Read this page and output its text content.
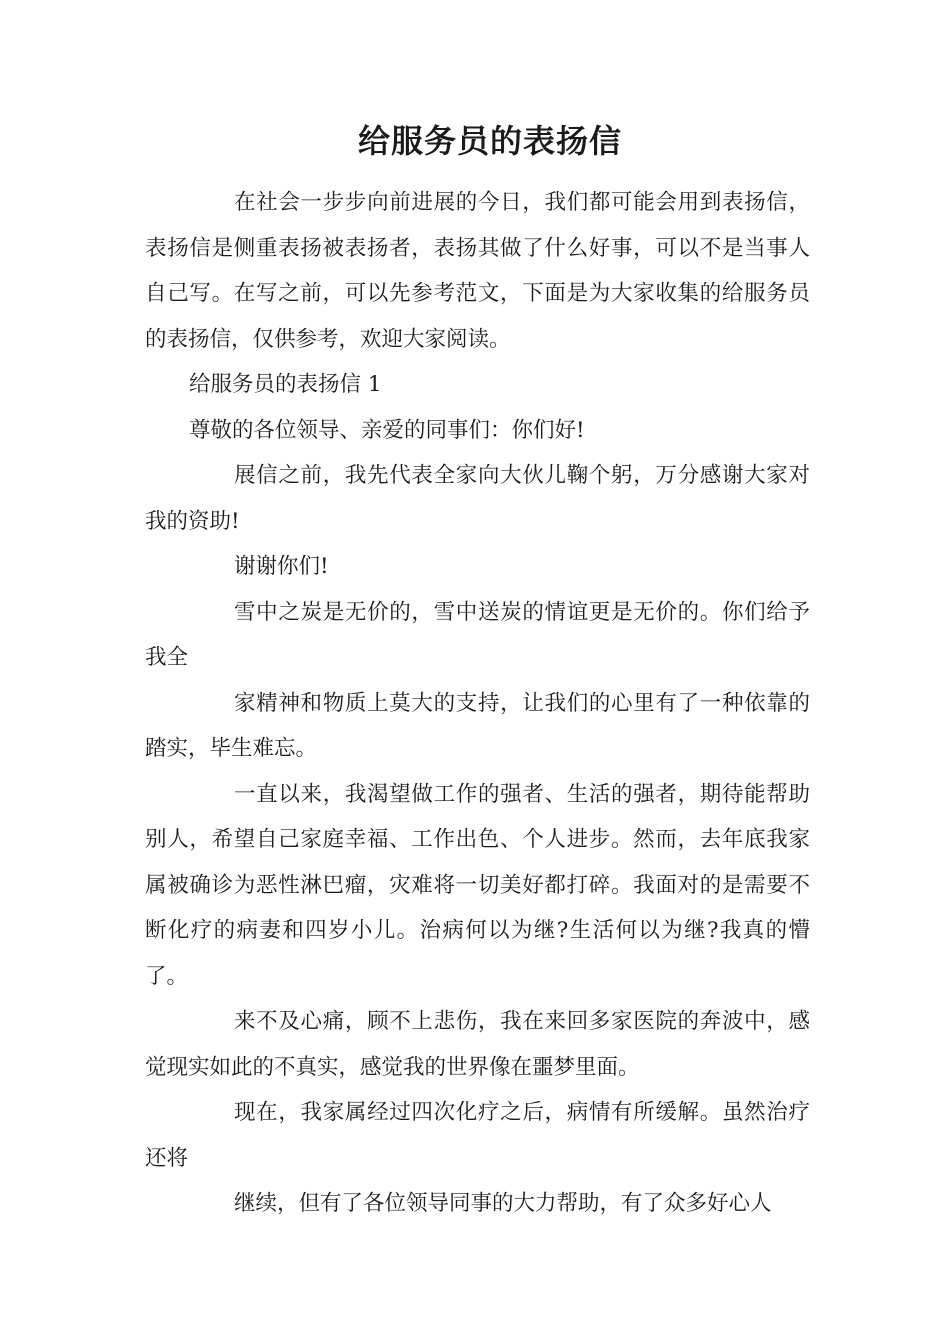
给服务员的表扬信

在社会一步步向前进展的今日，我们都可能会用到表扬信，表扬信是侧重表扬被表扬者，表扬其做了什么好事，可以不是当事人自己写。在写之前，可以先参考范文，下面是为大家收集的给服务员的表扬信，仅供参考，欢迎大家阅读。

给服务员的表扬信 1

尊敬的各位领导、亲爱的同事们：你们好!

展信之前，我先代表全家向大伙儿鞠个躬，万分感谢大家对我的资助!

谢谢你们!

雪中之炭是无价的，雪中送炭的情谊更是无价的。你们给予我全

家精神和物质上莫大的支持，让我们的心里有了一种依靠的踏实，毕生难忘。

一直以来，我渴望做工作的强者、生活的强者，期待能帮助别人，希望自己家庭幸福、工作出色、个人进步。然而，去年底我家属被确诊为恶性淋巴瘤，灾难将一切美好都打碎。我面对的是需要不断化疗的病妻和四岁小儿。治病何以为继?生活何以为继?我真的懵了。

来不及心痛，顾不上悲伤，我在来回多家医院的奔波中，感觉现实如此的不真实，感觉我的世界像在噩梦里面。

现在，我家属经过四次化疗之后，病情有所缓解。虽然治疗还将

继续，但有了各位领导同事的大力帮助，有了众多好心人
